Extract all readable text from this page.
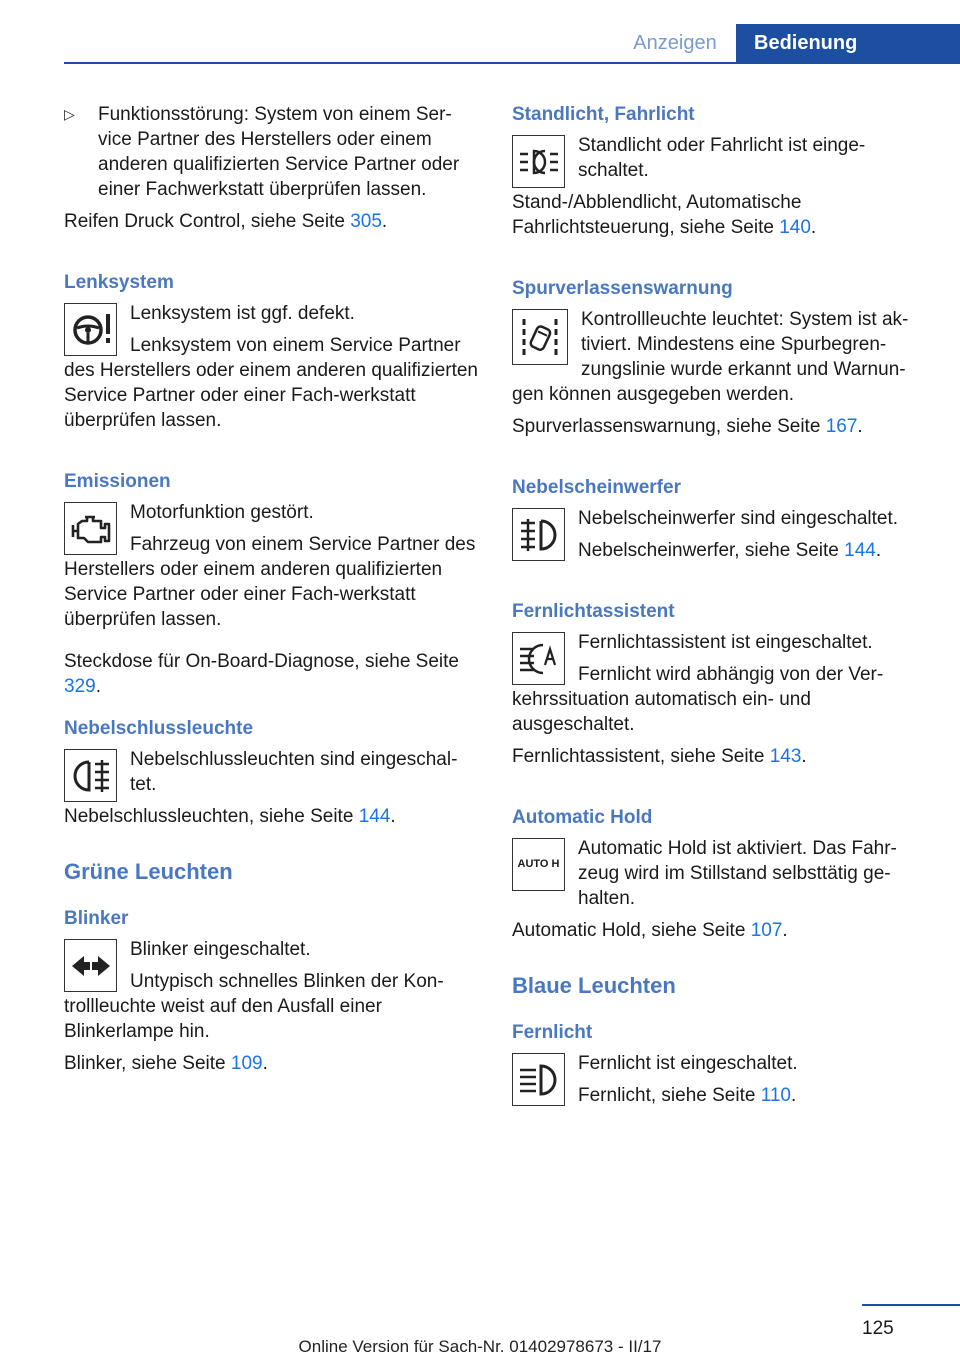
Anzeigen	Bedienung

▷ Funktionsstörung: System von einem Ser-vice Partner des Herstellers oder einem anderen qualifizierten Service Partner oder einer Fachwerkstatt überprüfen lassen.

Reifen Druck Control, siehe Seite 305.

Lenksystem

Lenksystem ist ggf. defekt.

Lenksystem von einem Service Partner des Herstellers oder einem anderen qualifizierten Service Partner oder einer Fach-werkstatt überprüfen lassen.

Emissionen

Motorfunktion gestört.

Fahrzeug von einem Service Partner des Herstellers oder einem anderen qualifizierten Service Partner oder einer Fach-werkstatt überprüfen lassen.

Steckdose für On-Board-Diagnose, siehe Seite 329.

Nebelschlussleuchte

Nebelschlussleuchten sind eingeschal-tet.

Nebelschlussleuchten, siehe Seite 144.

Grüne Leuchten

Blinker

Blinker eingeschaltet.

Untypisch schnelles Blinken der Kon-trollleuchte weist auf den Ausfall einer Blinkerlampe hin.

Blinker, siehe Seite 109.

Standlicht, Fahrlicht

Standlicht oder Fahrlicht ist einge-schaltet.

Stand-/Abblendlicht, Automatische Fahrlichtsteuerung, siehe Seite 140.

Spurverlassenswarnung

Kontrollleuchte leuchtet: System ist ak-tiviert. Mindestens eine Spurbegren-zungslinie wurde erkannt und Warnun-gen können ausgegeben werden.

Spurverlassenswarnung, siehe Seite 167.

Nebelscheinwerfer

Nebelscheinwerfer sind eingeschaltet.

Nebelscheinwerfer, siehe Seite 144.

Fernlichtassistent

Fernlichtassistent ist eingeschaltet.

Fernlicht wird abhängig von der Ver-kehrssituation automatisch ein- und ausgeschaltet.

Fernlichtassistent, siehe Seite 143.

Automatic Hold

AUTO H

Automatic Hold ist aktiviert. Das Fahr-zeug wird im Stillstand selbsttätig ge-halten.

Automatic Hold, siehe Seite 107.

Blaue Leuchten

Fernlicht

Fernlicht ist eingeschaltet.

Fernlicht, siehe Seite 110.

125
Online Version für Sach-Nr. 01402978673 - II/17
